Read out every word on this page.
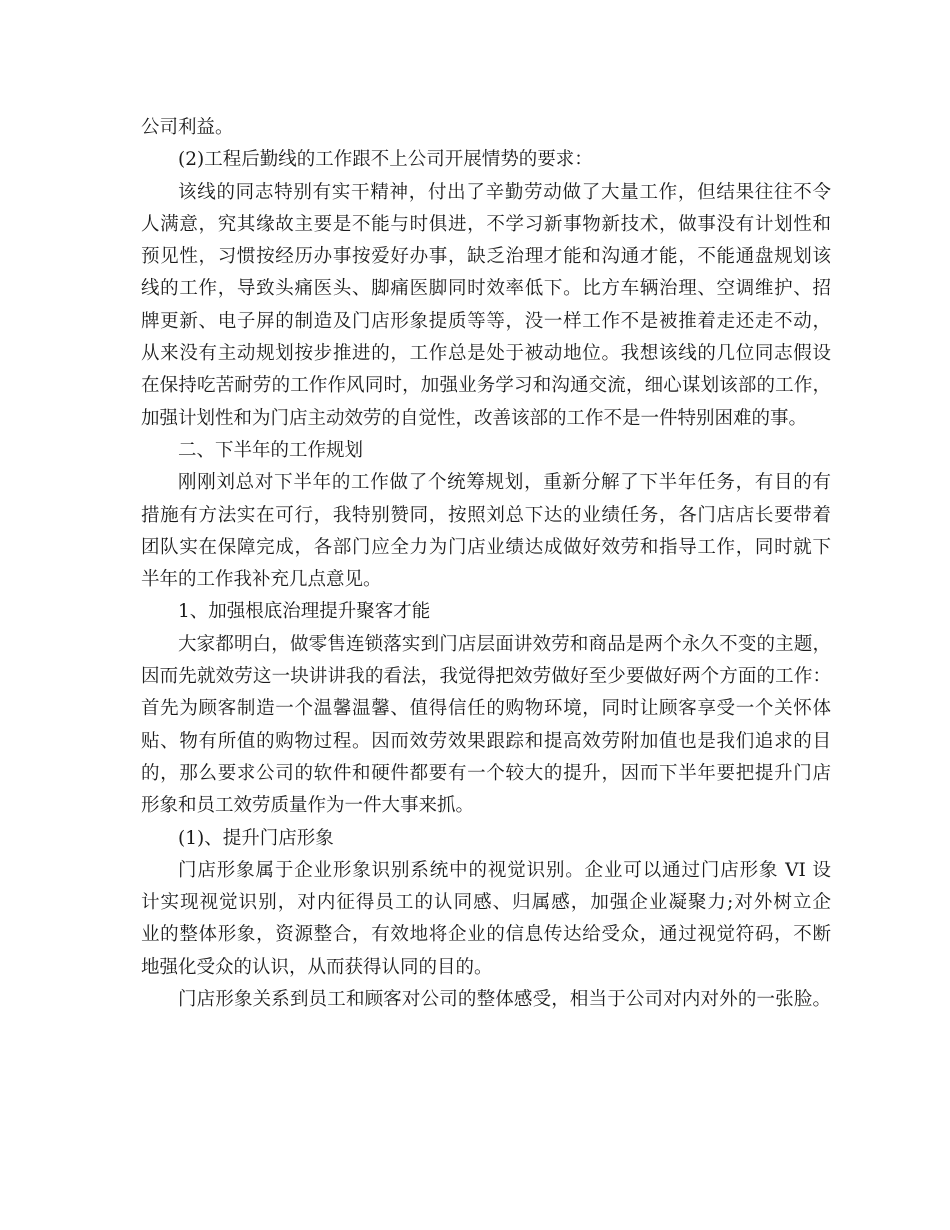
公司利益。
(2)工程后勤线的工作跟不上公司开展情势的要求：
该线的同志特别有实干精神，付出了辛勤劳动做了大量工作，但结果往往不令
人满意，究其缘故主要是不能与时俱进，不学习新事物新技术，做事没有计划性和
预见性，习惯按经历办事按爱好办事，缺乏治理才能和沟通才能，不能通盘规划该
线的工作，导致头痛医头、脚痛医脚同时效率低下。比方车辆治理、空调维护、招
牌更新、电子屏的制造及门店形象提质等等，没一样工作不是被推着走还走不动，
从来没有主动规划按步推进的，工作总是处于被动地位。我想该线的几位同志假设
在保持吃苦耐劳的工作作风同时，加强业务学习和沟通交流，细心谋划该部的工作，
加强计划性和为门店主动效劳的自觉性，改善该部的工作不是一件特别困难的事。
二、下半年的工作规划
刚刚刘总对下半年的工作做了个统筹规划，重新分解了下半年任务，有目的有
措施有方法实在可行，我特别赞同，按照刘总下达的业绩任务，各门店店长要带着
团队实在保障完成，各部门应全力为门店业绩达成做好效劳和指导工作，同时就下
半年的工作我补充几点意见。
1、加强根底治理提升聚客才能
大家都明白，做零售连锁落实到门店层面讲效劳和商品是两个永久不变的主题，
因而先就效劳这一块讲讲我的看法，我觉得把效劳做好至少要做好两个方面的工作：
首先为顾客制造一个温馨温馨、值得信任的购物环境，同时让顾客享受一个关怀体
贴、物有所值的购物过程。因而效劳效果跟踪和提高效劳附加值也是我们追求的目
的，那么要求公司的软件和硬件都要有一个较大的提升，因而下半年要把提升门店
形象和员工效劳质量作为一件大事来抓。
(1)、提升门店形象
门店形象属于企业形象识别系统中的视觉识别。企业可以通过门店形象 VI 设
计实现视觉识别，对内征得员工的认同感、归属感，加强企业凝聚力;对外树立企
业的整体形象，资源整合，有效地将企业的信息传达给受众，通过视觉符码，不断
地强化受众的认识，从而获得认同的目的。
门店形象关系到员工和顾客对公司的整体感受，相当于公司对内对外的一张脸。
